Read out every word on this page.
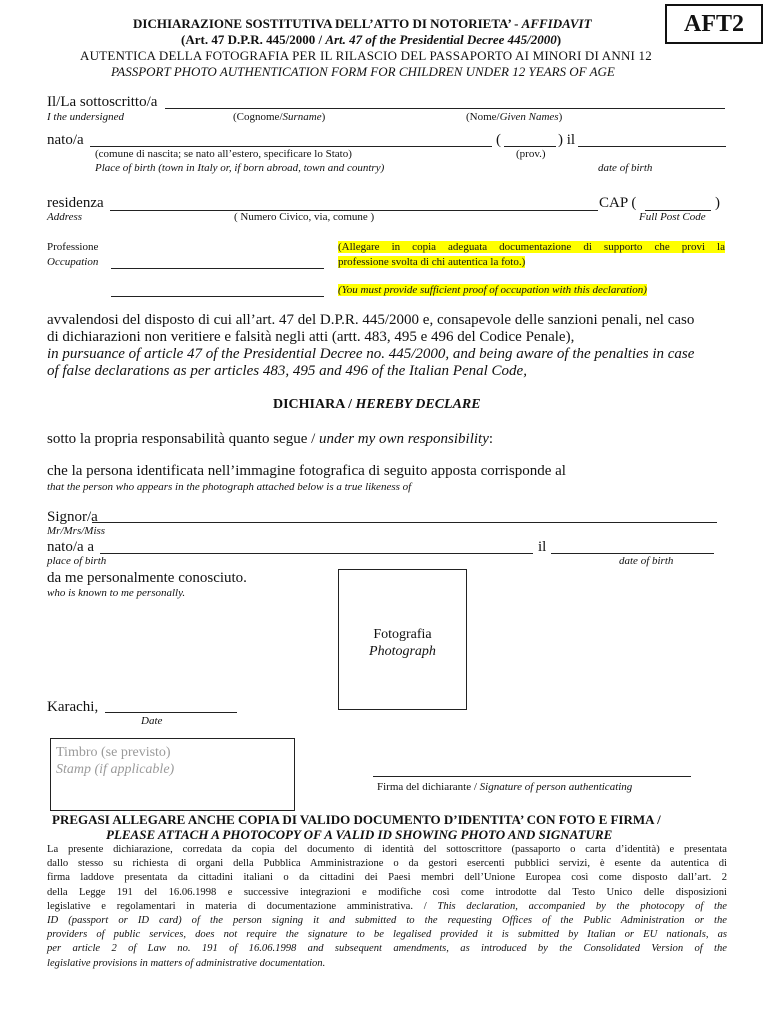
AFT2
DICHIARAZIONE SOSTITUTIVA DELL’ATTO DI NOTORIETA’ - AFFIDAVIT
(Art. 47 D.P.R. 445/2000 / Art. 47 of the Presidential Decree 445/2000)
AUTENTICA DELLA FOTOGRAFIA PER IL RILASCIO DEL PASSAPORTO AI MINORI DI ANNI 12
PASSPORT PHOTO AUTHENTICATION FORM FOR CHILDREN UNDER 12 YEARS OF AGE
Il/La sottoscritto/a
I the undersigned	(Cognome/Surname)	(Nome/Given Names)
nato/a	(	) il
(comune di nascita; se nato all’estero, specificare lo Stato)	(prov.)
Place of birth (town in Italy or, if born abroad, town and country)	date of birth
residenza	CAP (	)
Address	( Numero Civico, via, comune )	Full Post Code
Professione
Occupation
(Allegare in copia adeguata documentazione di supporto che provi la
professione svolta di chi autentica la foto.)
(You must provide sufficient proof of occupation with this declaration)
avvalendosi del disposto di cui all’art. 47 del D.P.R. 445/2000 e, consapevole delle sanzioni penali, nel caso
di dichiarazioni non veritiere e falsità negli atti (artt. 483, 495 e 496 del Codice Penale),
in pursuance of article 47 of the Presidential Decree no. 445/2000, and being aware of the penalties in case
of false declarations as per articles 483, 495 and 496 of the Italian Penal Code,
DICHIARA / HEREBY DECLARE
sotto la propria responsabilità quanto segue / under my own responsibility:
che la persona identificata nell’immagine fotografica di seguito apposta corrisponde al
that the person who appears in the photograph attached below is a true likeness of
Signor/a
Mr/Mrs/Miss
nato/a a	il
place of birth	date of birth
da me personalmente conosciuto.
who is known to me personally.
Fotografia
Photograph
Karachi,
Date
Timbro (se previsto)
Stamp (if applicable)
Firma del dichiarante / Signature of person authenticating
PREGASI ALLEGARE ANCHE COPIA DI VALIDO DOCUMENTO D’IDENTITA’ CON FOTO E FIRMA /
PLEASE ATTACH A PHOTOCOPY OF A VALID ID SHOWING PHOTO AND SIGNATURE
La presente dichiarazione, corredata da copia del documento di identità del sottoscrittore (passaporto o carta d’identità) e presentata
dallo stesso su richiesta di organi della Pubblica Amministrazione o da gestori esercenti pubblici servizi, è esente da autentica di
firma laddove presentata da cittadini italiani o da cittadini dei Paesi membri dell’Unione Europea così come disposto dall’art. 2
della Legge 191 del 16.06.1998 e successive integrazioni e modifiche così come introdotte dal Testo Unico delle disposizioni
legislative e regolamentari in materia di documentazione amministrativa. / This declaration, accompanied by the photocopy of the
ID (passport or ID card) of the person signing it and submitted to the requesting Offices of the Public Administration or the
providers of public services, does not require the signature to be legalised provided it is submitted by Italian or EU nationals, as
per article 2 of Law no. 191 of 16.06.1998 and subsequent amendments, as introduced by the Consolidated Version of the
legislative provisions in matters of administrative documentation.
